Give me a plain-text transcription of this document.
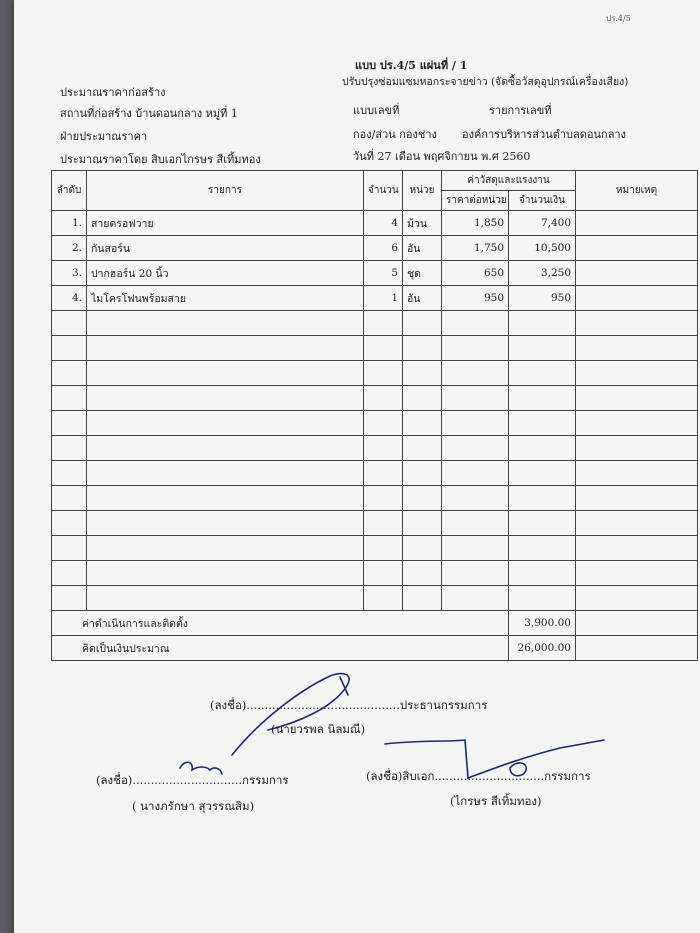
ปร.4/5
แบบ ปร.4/5 แผ่นที่ / 1
ประมาณราคาก่อสร้าง
สถานที่ก่อสร้าง บ้านดอนกลาง หมู่ที่ 1
ฝ่ายประมาณราคา
ประมาณราคาโดย สิบเอกไกรษร สีเทิ้มทอง
ปรับปรุงซ่อมแซมหอกระจายข่าว (จัดซื้อวัสดุอุปกรณ์เครื่องเสียง)
แบบเลขที่	รายการเลขที่
กอง/ส่วน กองช่าง องค์การบริหารส่วนตำบลดอนกลาง
วันที่ 27 เดือน พฤศจิกายน พ.ศ 2560
ลำดับ	รายการ	จำนวน	หน่วย	ค่าวัสดุและแรงงาน		หมายเหตุ
				ราคาต่อหน่วย	จำนวนเงิน	
1.	สายดรอฟวาย	4	ม้วน	1,850	7,400	
2.	กันสอร์น	6	อัน	1,750	10,500	
3.	ปากฮอร์น 20 นิ้ว	5	ชุด	650	3,250	
4.	ไมโครโฟนพร้อมสาย	1	อัน	950	950	

ค่าดำเนินการและติดตั้ง					3,900.00	
คิดเป็นเงินประมาณ					26,000.00	
(ลงชื่อ)..........................................ประธานกรรมการ
(นายวรพล นิลมณี)
(ลงชื่อ)..............................กรรมการ
( นางภรักษา สุวรรณสิม)
(ลงชื่อ)สิบเอก..............................กรรมการ
(ไกรษร สีเทิ้มทอง)
